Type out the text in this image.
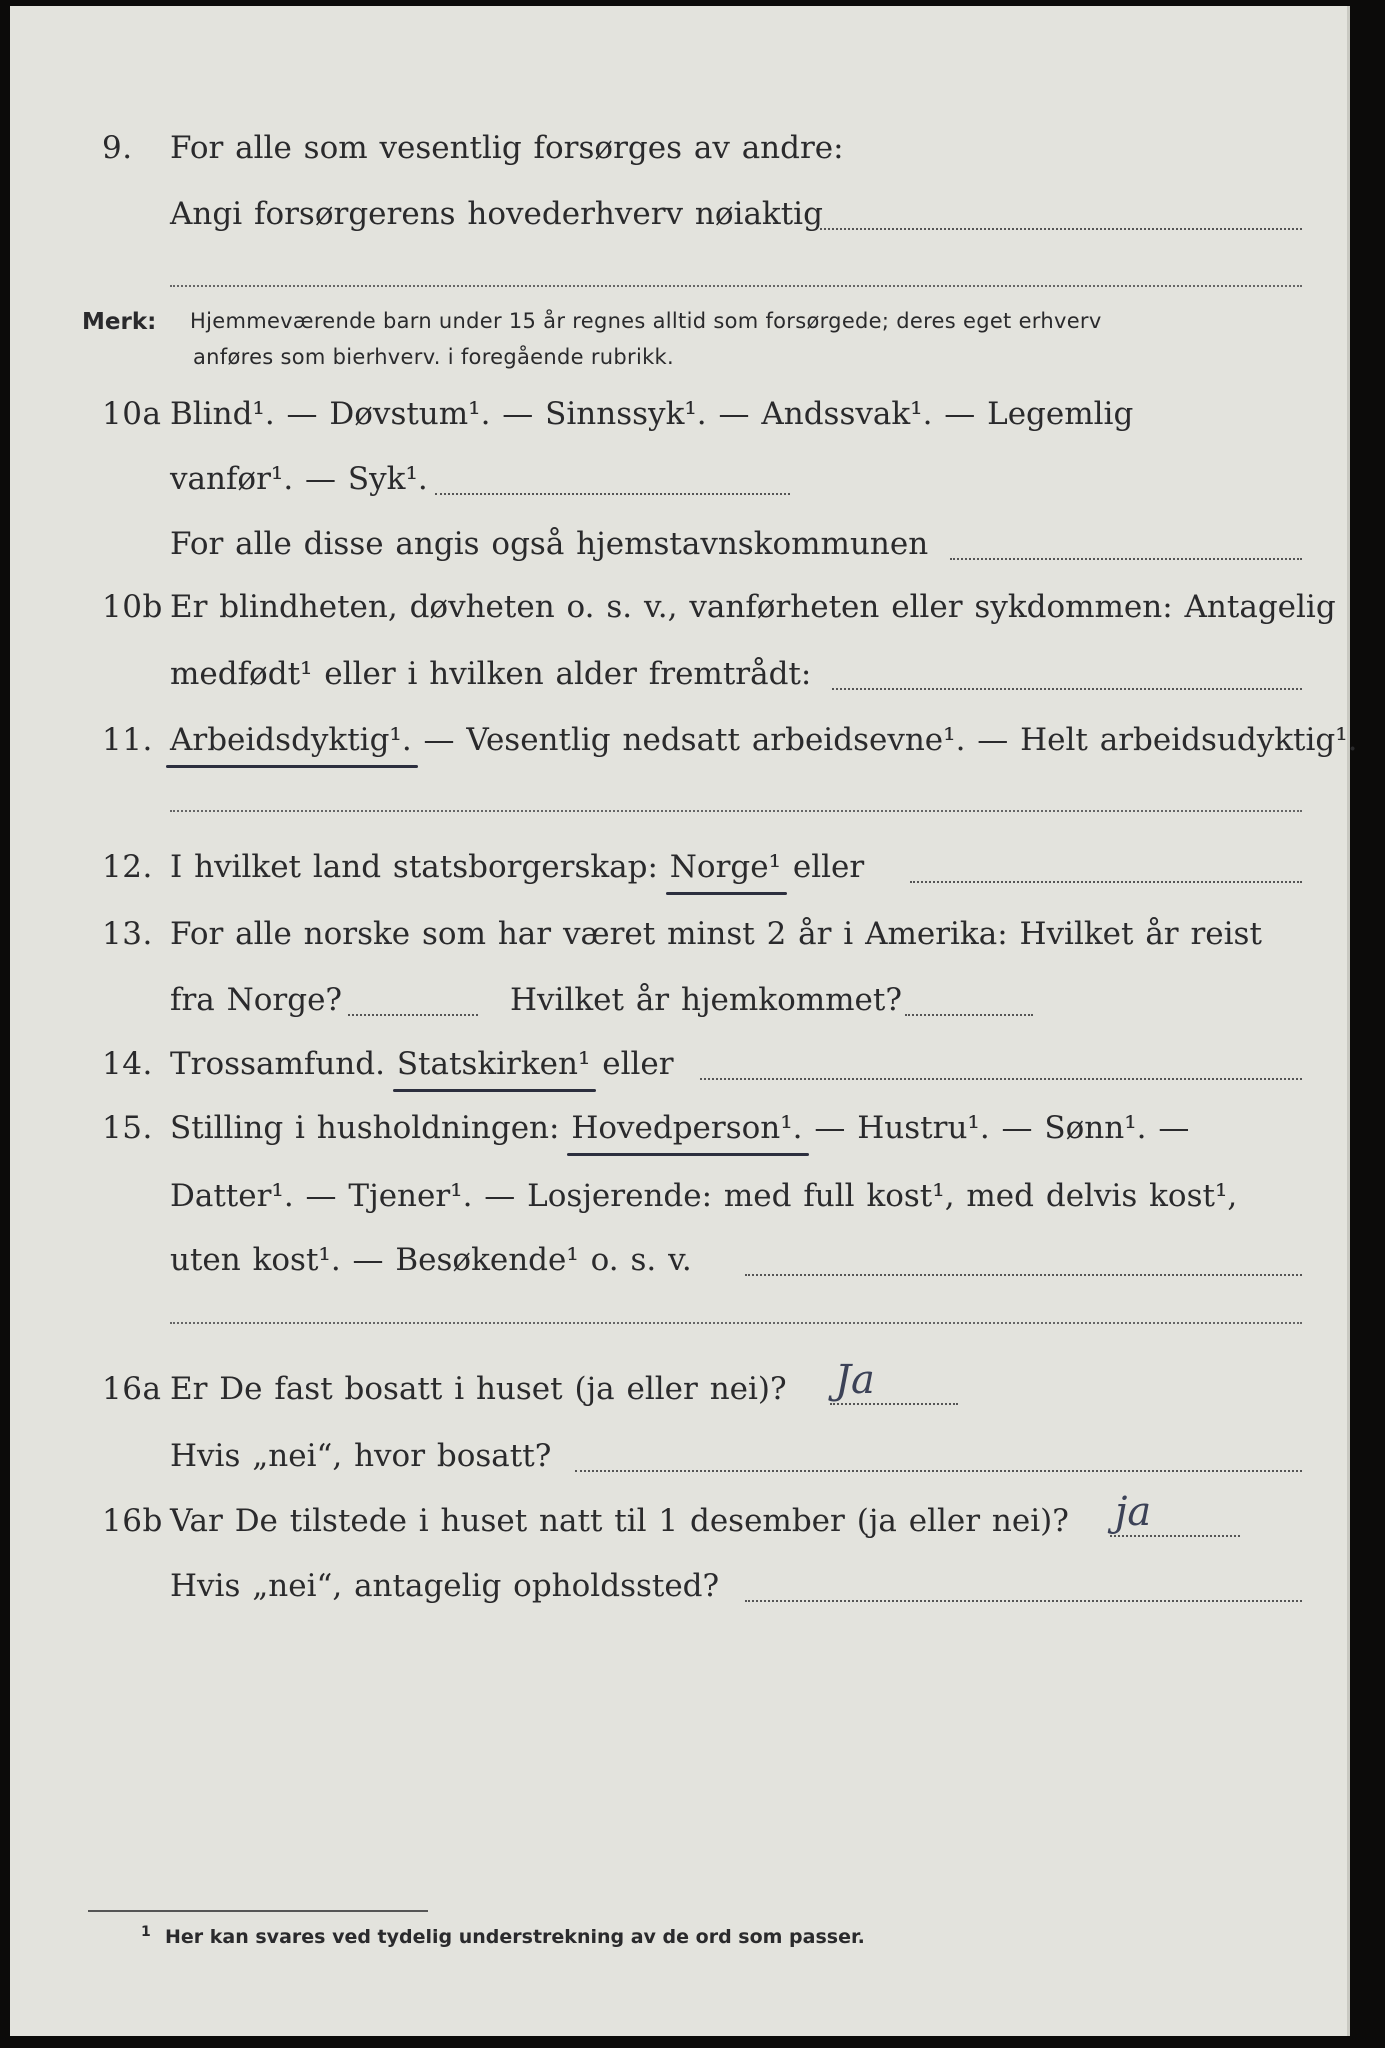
9. For alle som vesentlig forsørges av andre:
Angi forsørgerens hovederhverv nøiaktig
Merk: Hjemmeværende barn under 15 år regnes alltid som forsørgede; deres eget erhverv
anføres som bierhverv. i foregående rubrikk.
10a Blind¹. — Døvstum¹. — Sinnssyk¹. — Andssvak¹. — Legemlig
vanfør¹. — Syk¹.
For alle disse angis også hjemstavnskommunen
10b Er blindheten, døvheten o. s. v., vanførheten eller sykdommen: Antagelig
medfødt¹ eller i hvilken alder fremtrådt:
11. Arbeidsdyktig¹. — Vesentlig nedsatt arbeidsevne¹. — Helt arbeidsudyktig¹.
12. I hvilket land statsborgerskap: Norge¹ eller
13. For alle norske som har været minst 2 år i Amerika: Hvilket år reist
fra Norge?	Hvilket år hjemkommet?
14. Trossamfund. Statskirken¹ eller
15. Stilling i husholdningen: Hovedperson¹. — Hustru¹. — Sønn¹. —
Datter¹. — Tjener¹. — Losjerende: med full kost¹, med delvis kost¹,
uten kost¹. — Besøkende¹ o. s. v.
16a Er De fast bosatt i huset (ja eller nei)? Ja
Hvis „nei“, hvor bosatt?
16b Var De tilstede i huset natt til 1 desember (ja eller nei)? ja
Hvis „nei“, antagelig opholdssted?
1 Her kan svares ved tydelig understrekning av de ord som passer.
